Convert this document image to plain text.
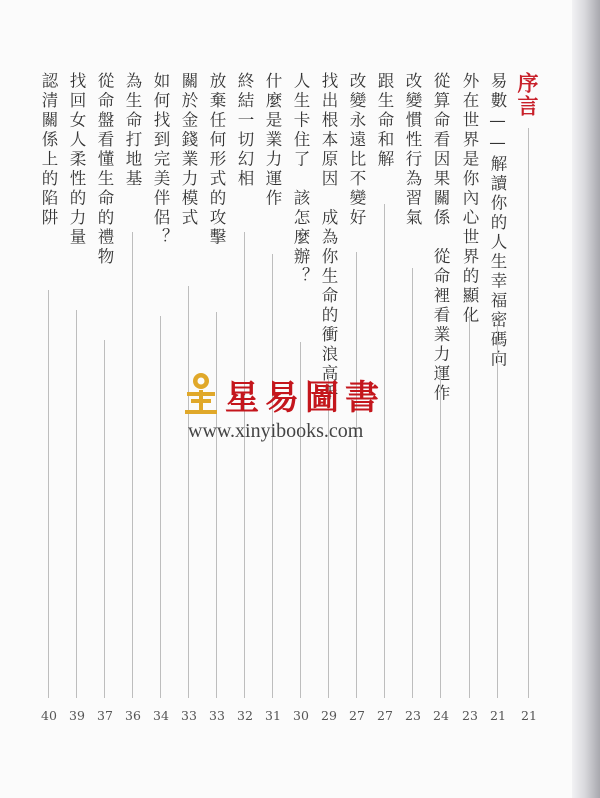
序言
21
易數——解讀你的人生幸福密碼向
21
外在世界是你內心世界的顯化
23
從算命看因果關係　從命裡看業力運作
24
改變慣性行為習氣
23
跟生命和解
27
改變永遠比不變好
27
找出根本原因　成為你生命的衝浪高手
29
人生卡住了　該怎麼辦？
30
什麼是業力運作
31
終結一切幻相
32
放棄任何形式的攻擊
33
關於金錢業力模式
33
如何找到完美伴侶？
34
為生命打地基
36
從命盤看懂生命的禮物
37
找回女人柔性的力量
39
認清關係上的陷阱
40
星易圖書
www.xinyibooks.com
